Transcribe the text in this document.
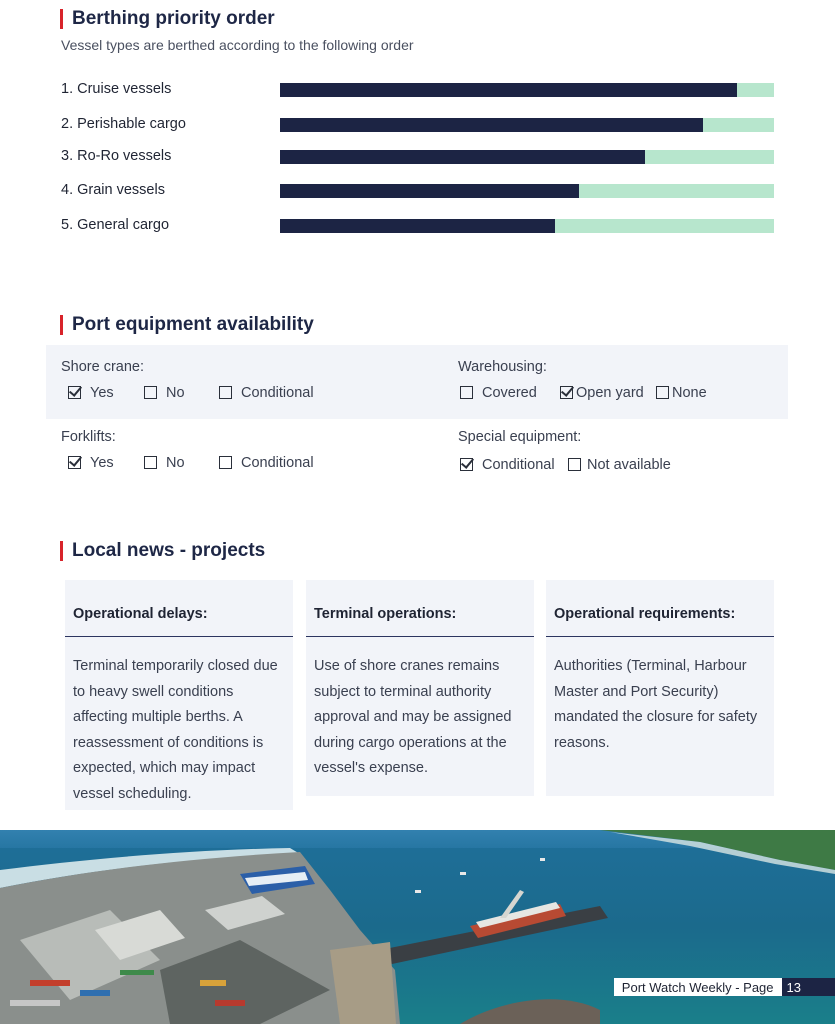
Berthing priority order
Vessel types are berthed according to the following order
1. Cruise vessels
2. Perishable cargo
3. Ro-Ro vessels
4. Grain vessels
5. General cargo
Port equipment availability
Shore crane:
Yes	No	Conditional
Warehousing:
Covered	Open yard	None
Forklifts:
Yes	No	Conditional
Special equipment:
Conditional	Not available
Local news - projects
Operational delays:
Terminal temporarily closed due to heavy swell conditions affecting multiple berths. A reassessment of conditions is expected, which may impact vessel scheduling.
Terminal operations:
Use of shore cranes remains subject to terminal authority approval and may be assigned during cargo operations at the vessel's expense.
Operational requirements:
Authorities (Terminal, Harbour Master and Port Security) mandated the closure for safety reasons.
Port Watch Weekly - Page	13
